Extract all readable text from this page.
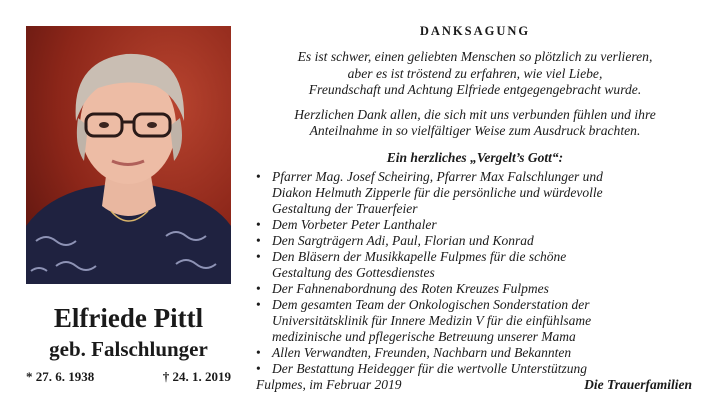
Elfriede Pittl
geb. Falschlunger
* 27. 6. 1938	† 24. 1. 2019
DANKSAGUNG
Es ist schwer, einen geliebten Menschen so plötzlich zu verlieren,
aber es ist tröstend zu erfahren, wie viel Liebe,
Freundschaft und Achtung Elfriede entgegengebracht wurde.
Herzlichen Dank allen, die sich mit uns verbunden fühlen und ihre
Anteilnahme in so vielfältiger Weise zum Ausdruck brachten.
Ein herzliches „Vergelt’s Gott“:
• Pfarrer Mag. Josef Scheiring, Pfarrer Max Falschlunger und
Diakon Helmuth Zipperle für die persönliche und würdevolle
Gestaltung der Trauerfeier
• Dem Vorbeter Peter Lanthaler
• Den Sargträgern Adi, Paul, Florian und Konrad
• Den Bläsern der Musikkapelle Fulpmes für die schöne
Gestaltung des Gottesdienstes
• Der Fahnenabordnung des Roten Kreuzes Fulpmes
• Dem gesamten Team der Onkologischen Sonderstation der
Universitätsklinik für Innere Medizin V für die einfühlsame
medizinische und pflegerische Betreuung unserer Mama
• Allen Verwandten, Freunden, Nachbarn und Bekannten
• Der Bestattung Heidegger für die wertvolle Unterstützung
Fulpmes, im Februar 2019	Die Trauerfamilien
